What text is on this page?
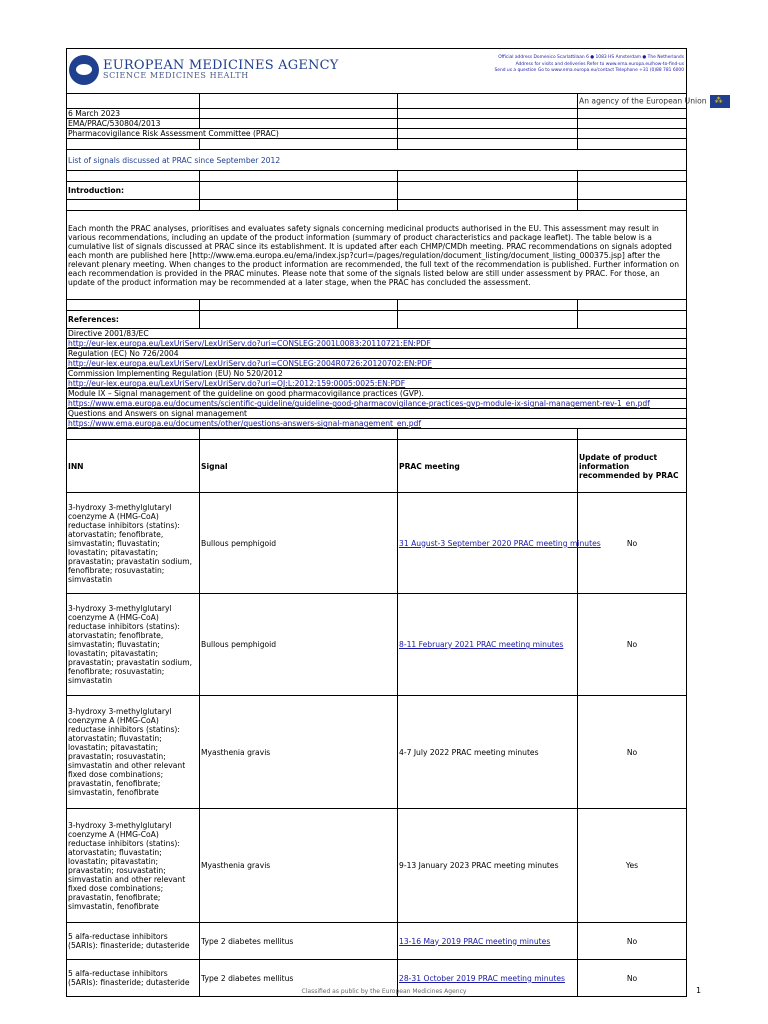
EUROPEAN MEDICINES AGENCY
SCIENCE MEDICINES HEALTH
Official address Domenico Scarlattilaan 6 ● 1083 HS Amsterdam ● The Netherlands
Address for visits and deliveries Refer to www.ema.europa.eu/how-to-find-us
Send us a question Go to www.ema.europa.eu/contact Telephone +31 (0)88 781 6000			

			An agency of the European Union⁂
6 March 2023			
EMA/PRAC/530804/2013			
Pharmacovigilance Risk Assessment Committee (PRAC)			

List of signals discussed at PRAC since September 2012			

Introduction:			

Each month the PRAC analyses, prioritises and evaluates safety signals concerning medicinal products authorised in the EU. This assessment may result in various recommendations, including an update of the product information (summary of product characteristics and package leaflet). The table below is a cumulative list of signals discussed at PRAC since its establishment. It is updated after each CHMP/CMDh meeting. PRAC recommendations on signals adopted each month are published here [http://www.ema.europa.eu/ema/index.jsp?curl=/pages/regulation/document_listing/document_listing_000375.jsp] after the relevant plenary meeting. When changes to the product information are recommended, the full text of the recommendation is published. Further information on each recommendation is provided in the PRAC minutes. Please note that some of the signals listed below are still under assessment by PRAC. For those, an update of the product information may be recommended at a later stage, when the PRAC has concluded the assessment.			

References:			
Directive 2001/83/EC			
http://eur-lex.europa.eu/LexUriServ/LexUriServ.do?uri=CONSLEG:2001L0083:20110721:EN:PDF			
Regulation (EC) No 726/2004			
http://eur-lex.europa.eu/LexUriServ/LexUriServ.do?uri=CONSLEG:2004R0726:20120702:EN:PDF			
Commission Implementing Regulation (EU) No 520/2012			
http://eur-lex.europa.eu/LexUriServ/LexUriServ.do?uri=OJ:L:2012:159:0005:0025:EN:PDF			
Module IX – Signal management of the guideline on good pharmacovigilance practices (GVP).			
https://www.ema.europa.eu/documents/scientific-guideline/guideline-good-pharmacovigilance-practices-gvp-module-ix-signal-management-rev-1_en.pdf			
Questions and Answers on signal management			
https://www.ema.europa.eu/documents/other/questions-answers-signal-management_en.pdf			

INN	Signal	PRAC meeting	Update of product information recommended by PRAC
3-hydroxy 3-methylglutaryl coenzyme A (HMG-CoA) reductase inhibitors (statins): atorvastatin; fenofibrate, simvastatin; fluvastatin; lovastatin; pitavastatin; pravastatin; pravastatin sodium, fenofibrate; rosuvastatin; simvastatin	Bullous pemphigoid	31 August-3 September 2020 PRAC meeting minutes	No
3-hydroxy 3-methylglutaryl coenzyme A (HMG-CoA) reductase inhibitors (statins): atorvastatin; fenofibrate, simvastatin; fluvastatin; lovastatin; pitavastatin; pravastatin; pravastatin sodium, fenofibrate; rosuvastatin; simvastatin	Bullous pemphigoid	8-11 February 2021 PRAC meeting minutes	No
3-hydroxy 3-methylglutaryl coenzyme A (HMG-CoA) reductase inhibitors (statins): atorvastatin; fluvastatin; lovastatin; pitavastatin; pravastatin; rosuvastatin; simvastatin and other relevant fixed dose combinations; pravastatin, fenofibrate; simvastatin, fenofibrate	Myasthenia gravis	4-7 July 2022 PRAC meeting minutes	No
3-hydroxy 3-methylglutaryl coenzyme A (HMG-CoA) reductase inhibitors (statins): atorvastatin; fluvastatin; lovastatin; pitavastatin; pravastatin; rosuvastatin; simvastatin and other relevant fixed dose combinations; pravastatin, fenofibrate; simvastatin, fenofibrate	Myasthenia gravis	9-13 January 2023 PRAC meeting minutes	Yes
5 alfa-reductase inhibitors (5ARIs): finasteride; dutasteride	Type 2 diabetes mellitus	13-16 May 2019 PRAC meeting minutes	No
5 alfa-reductase inhibitors (5ARIs): finasteride; dutasteride	Type 2 diabetes mellitus	28-31 October 2019 PRAC meeting minutes	No
Classified as public by the European Medicines Agency	1
